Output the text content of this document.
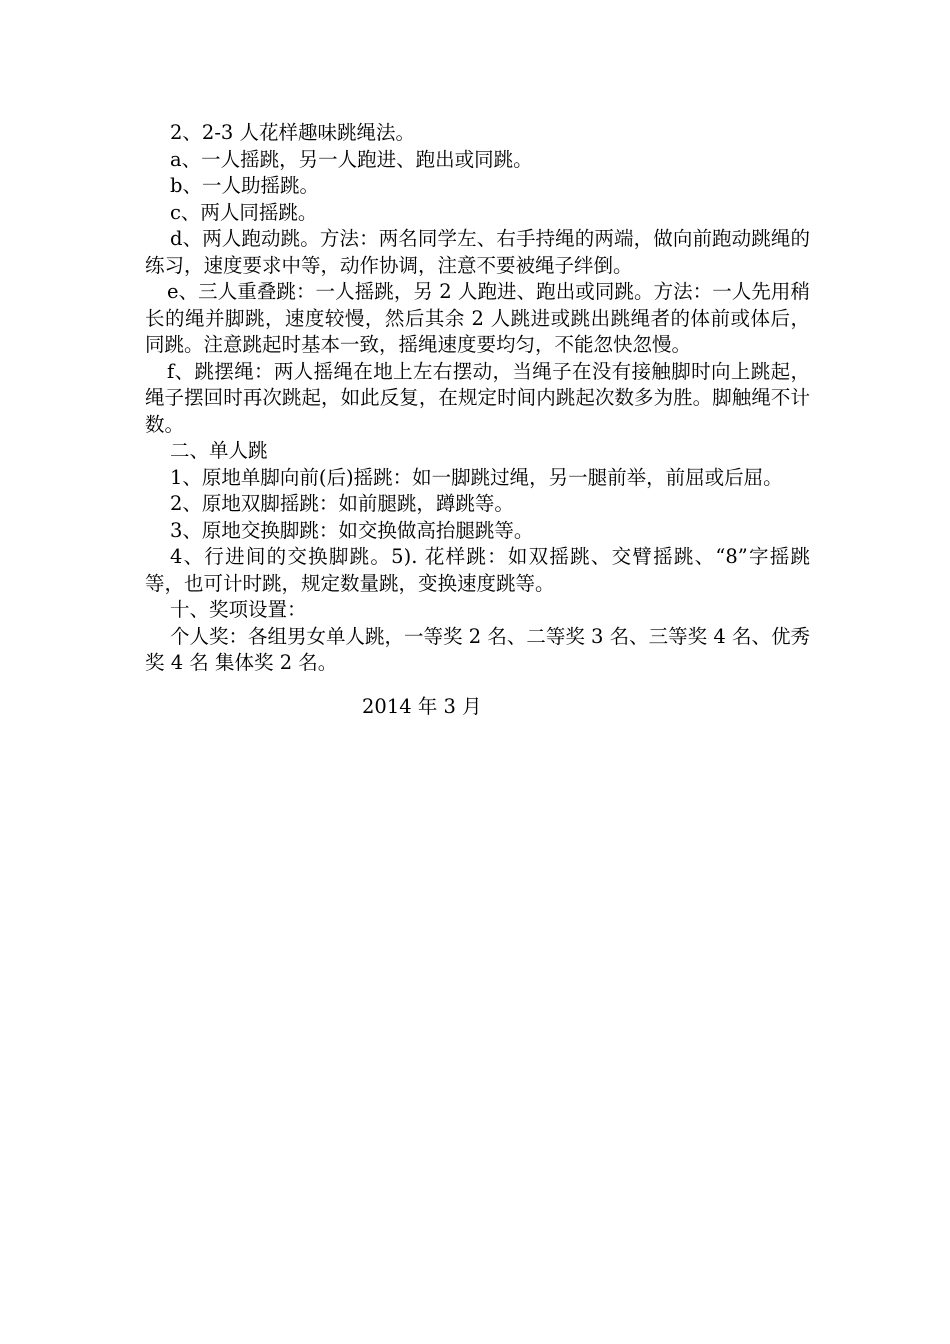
2、2-3 人花样趣味跳绳法。

a、一人摇跳，另一人跑进、跑出或同跳。

b、一人助摇跳。

c、两人同摇跳。

d、两人跑动跳。方法：两名同学左、右手持绳的两端，做向前跑动跳绳的练习，速度要求中等，动作协调，注意不要被绳子绊倒。

e、三人重叠跳：一人摇跳，另 2 人跑进、跑出或同跳。方法：一人先用稍长的绳并脚跳，速度较慢，然后其余 2 人跳进或跳出跳绳者的体前或体后，同跳。注意跳起时基本一致，摇绳速度要均匀，不能忽快忽慢。

f、跳摆绳：两人摇绳在地上左右摆动，当绳子在没有接触脚时向上跳起，绳子摆回时再次跳起，如此反复，在规定时间内跳起次数多为胜。脚触绳不计数。

二、单人跳

1、原地单脚向前(后)摇跳：如一脚跳过绳，另一腿前举，前屈或后屈。

2、原地双脚摇跳：如前腿跳，蹲跳等。

3、原地交换脚跳：如交换做高抬腿跳等。

4、行进间的交换脚跳。5). 花样跳：如双摇跳、交臂摇跳、“8”字摇跳等，也可计时跳，规定数量跳，变换速度跳等。

十、奖项设置：

个人奖：各组男女单人跳，一等奖 2 名、二等奖 3 名、三等奖 4 名、优秀奖 4 名 集体奖 2 名。

2014 年 3 月
